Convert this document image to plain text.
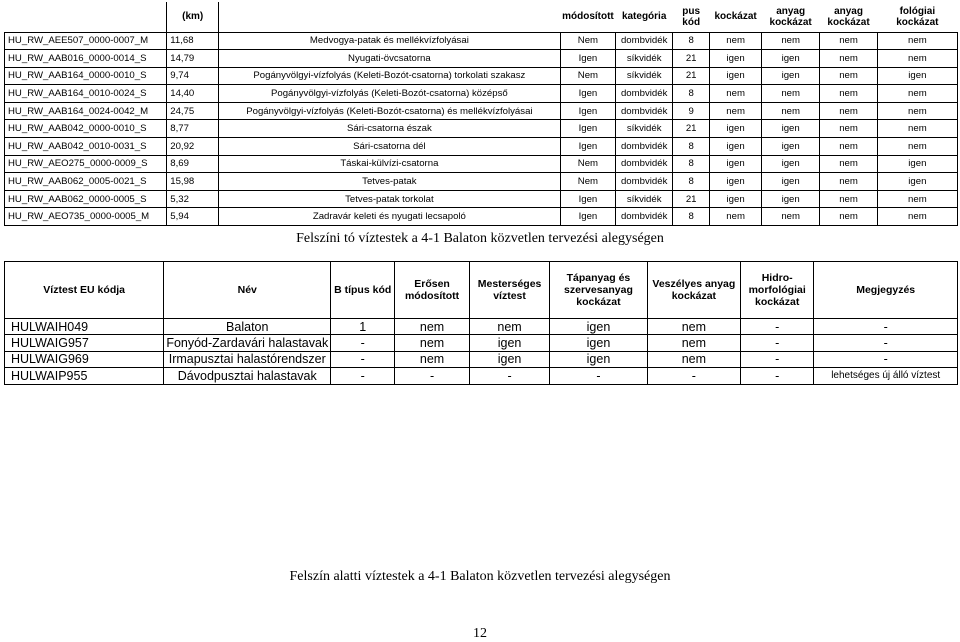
	(km)		módosított	kategória	pus kód	kockázat	anyag kockázat	anyag kockázat	fológiai kockázat
HU_RW_AEE507_0000-0007_M	11,68	Medvogya-patak és mellékvízfolyásai	Nem	dombvidék	8	nem	nem	nem	nem
HU_RW_AAB016_0000-0014_S	14,79	Nyugati-övcsatorna	Igen	síkvidék	21	igen	igen	nem	nem
HU_RW_AAB164_0000-0010_S	9,74	Pogányvölgyi-vízfolyás (Keleti-Bozót-csatorna) torkolati szakasz	Nem	síkvidék	21	igen	igen	nem	igen
HU_RW_AAB164_0010-0024_S	14,40	Pogányvölgyi-vízfolyás (Keleti-Bozót-csatorna) középső	Igen	dombvidék	8	nem	nem	nem	nem
HU_RW_AAB164_0024-0042_M	24,75	Pogányvölgyi-vízfolyás (Keleti-Bozót-csatorna) és mellékvízfolyásai	Igen	dombvidék	9	nem	nem	nem	nem
HU_RW_AAB042_0000-0010_S	8,77	Sári-csatorna észak	Igen	síkvidék	21	igen	igen	nem	nem
HU_RW_AAB042_0010-0031_S	20,92	Sári-csatorna dél	Igen	dombvidék	8	igen	igen	nem	nem
HU_RW_AEO275_0000-0009_S	8,69	Táskai-külvízi-csatorna	Nem	dombvidék	8	igen	igen	nem	igen
HU_RW_AAB062_0005-0021_S	15,98	Tetves-patak	Nem	dombvidék	8	igen	igen	nem	igen
HU_RW_AAB062_0000-0005_S	5,32	Tetves-patak torkolat	Igen	síkvidék	21	igen	igen	nem	nem
HU_RW_AEO735_0000-0005_M	5,94	Zadravár keleti és nyugati lecsapoló	Igen	dombvidék	8	nem	nem	nem	nem
Felszíni tó víztestek a 4-1 Balaton közvetlen tervezési alegységen
Víztest EU kódja	Név	B típus kód	Erősen módosított	Mesterséges víztest	Tápanyag és szervesanyag kockázat	Veszélyes anyag kockázat	Hidro-morfológiai kockázat	Megjegyzés
HULWAIH049	Balaton	1	nem	nem	igen	nem	-	-
HULWAIG957	Fonyód-Zardavári halastavak	-	nem	igen	igen	nem	-	-
HULWAIG969	Irmapusztai halastórendszer	-	nem	igen	igen	nem	-	-
HULWAIP955	Dávodpusztai halastavak	-	-	-	-	-	-	lehetséges új álló víztest
Felszín alatti víztestek a 4-1 Balaton közvetlen tervezési alegységen
12
